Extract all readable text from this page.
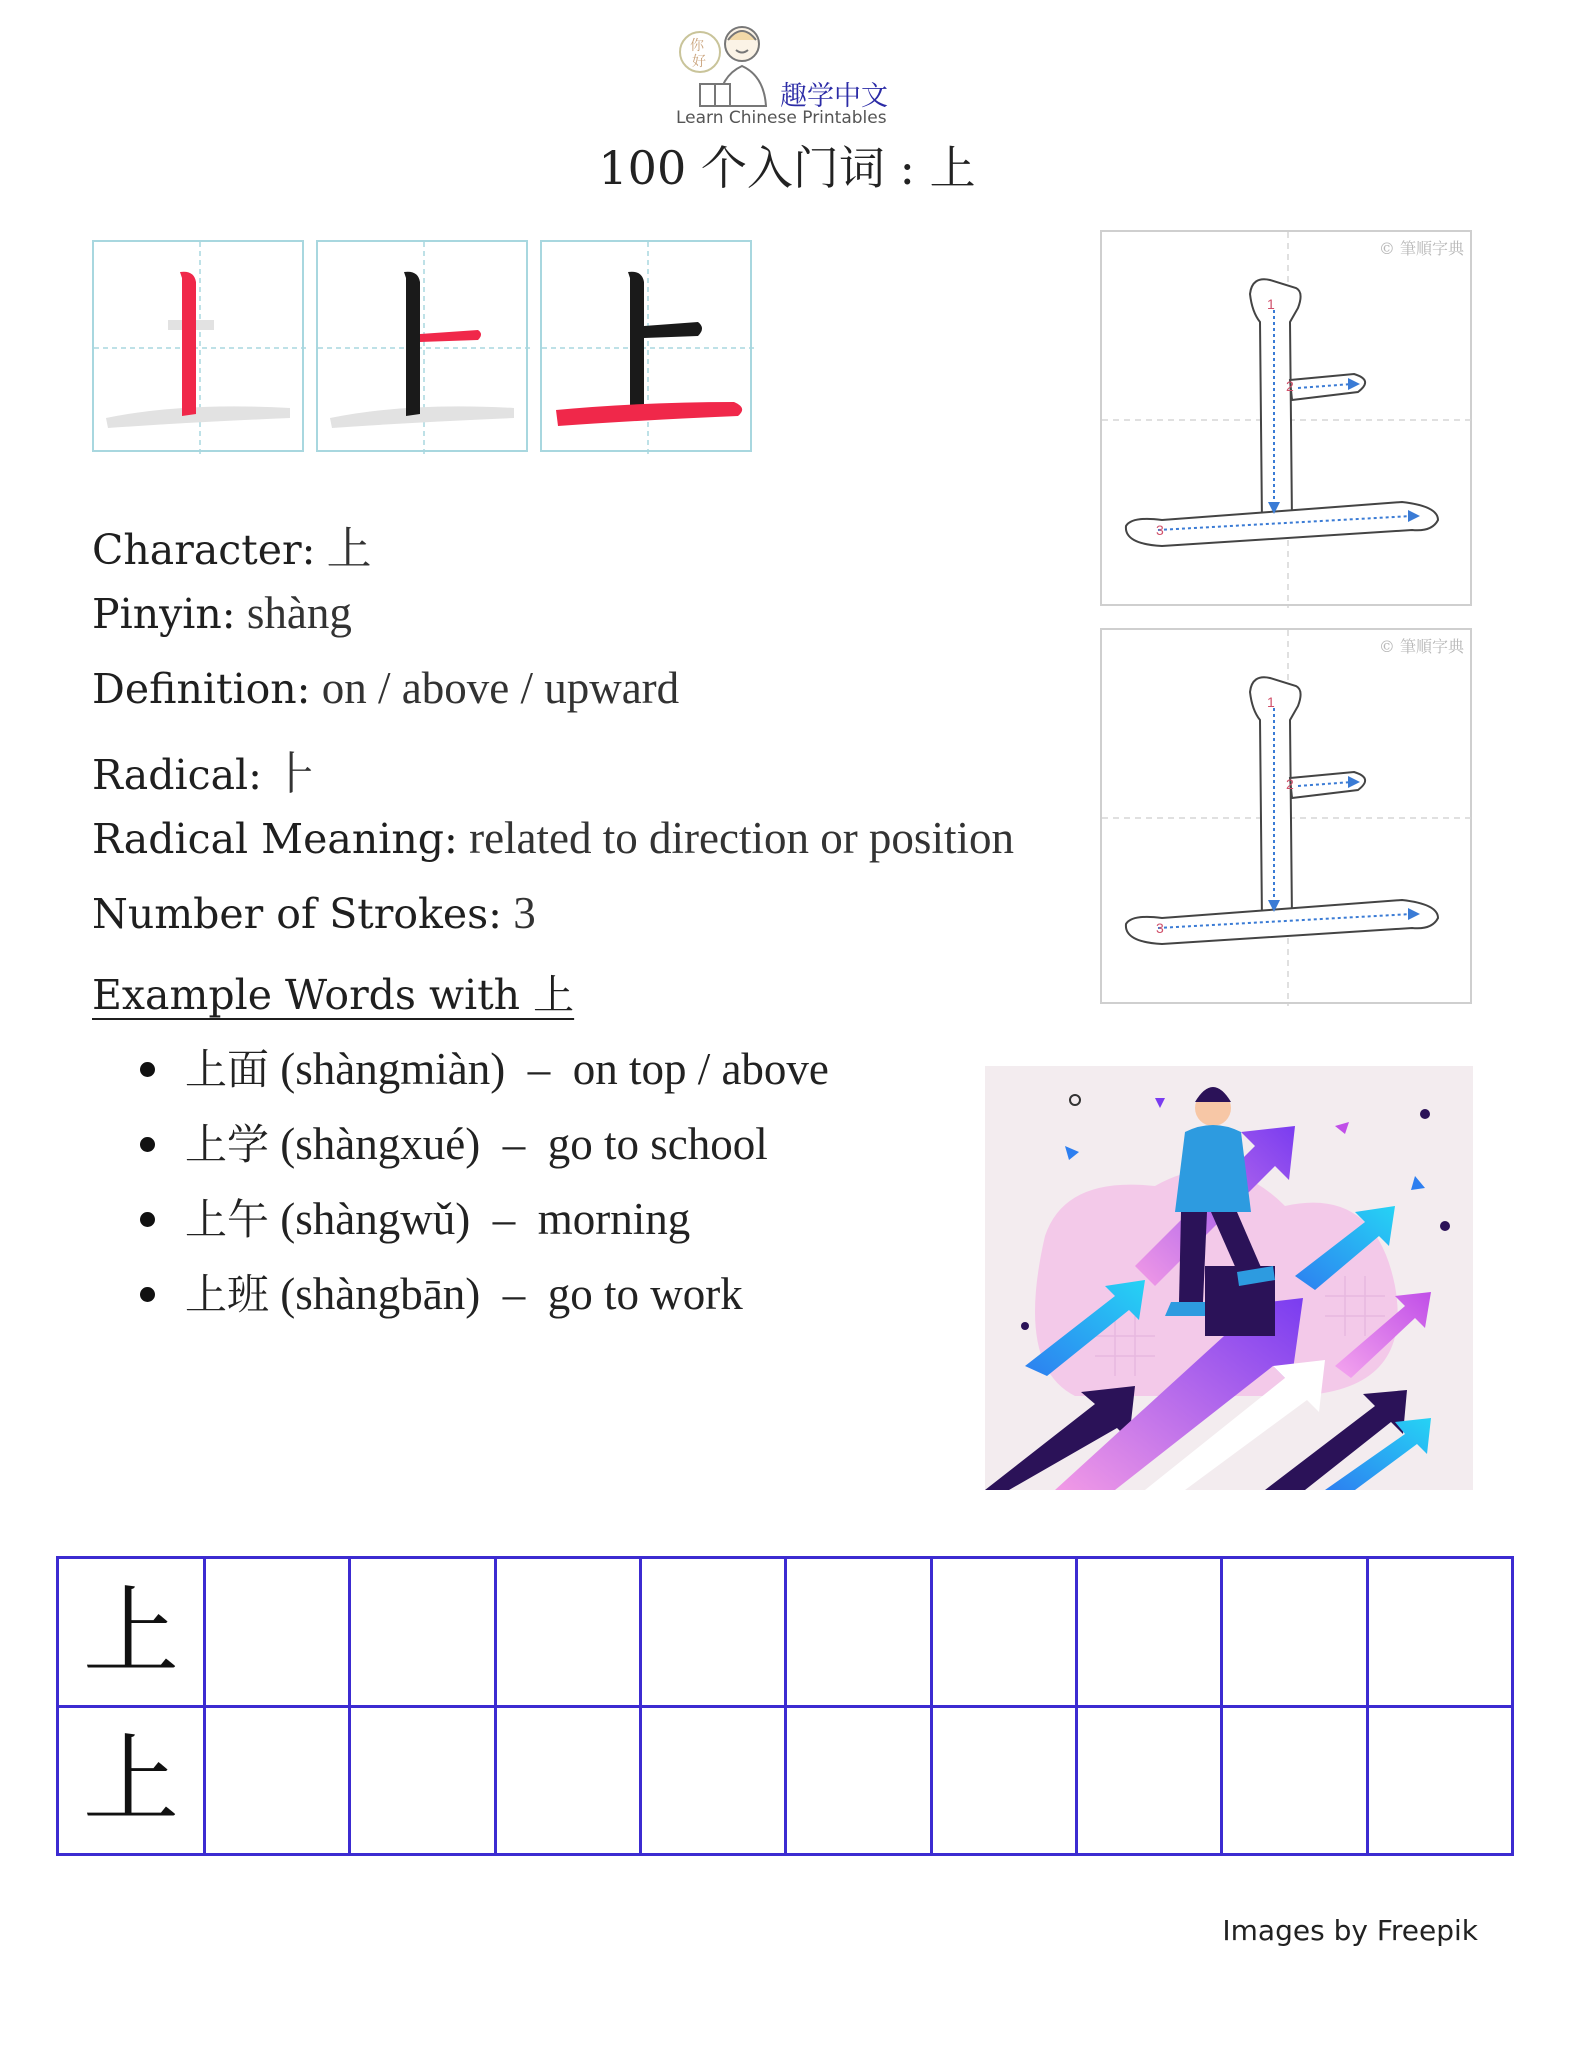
你
好
趣学中文
Learn Chinese Printables
100 个入门词 : 上
© 筆順字典
1
2
3
© 筆順字典
1
2
3
Character: 上
Pinyin: shàng
Definition: on / above / upward
Radical: ⺊
Radical Meaning: related to direction or position
Number of Strokes: 3
Example Words with 上
上面 (shàngmiàn) – on top / above
上学 (shàngxué) – go to school
上午 (shàngwǔ) – morning
上班 (shàngbān) – go to work
上									
上									
Images by Freepik
